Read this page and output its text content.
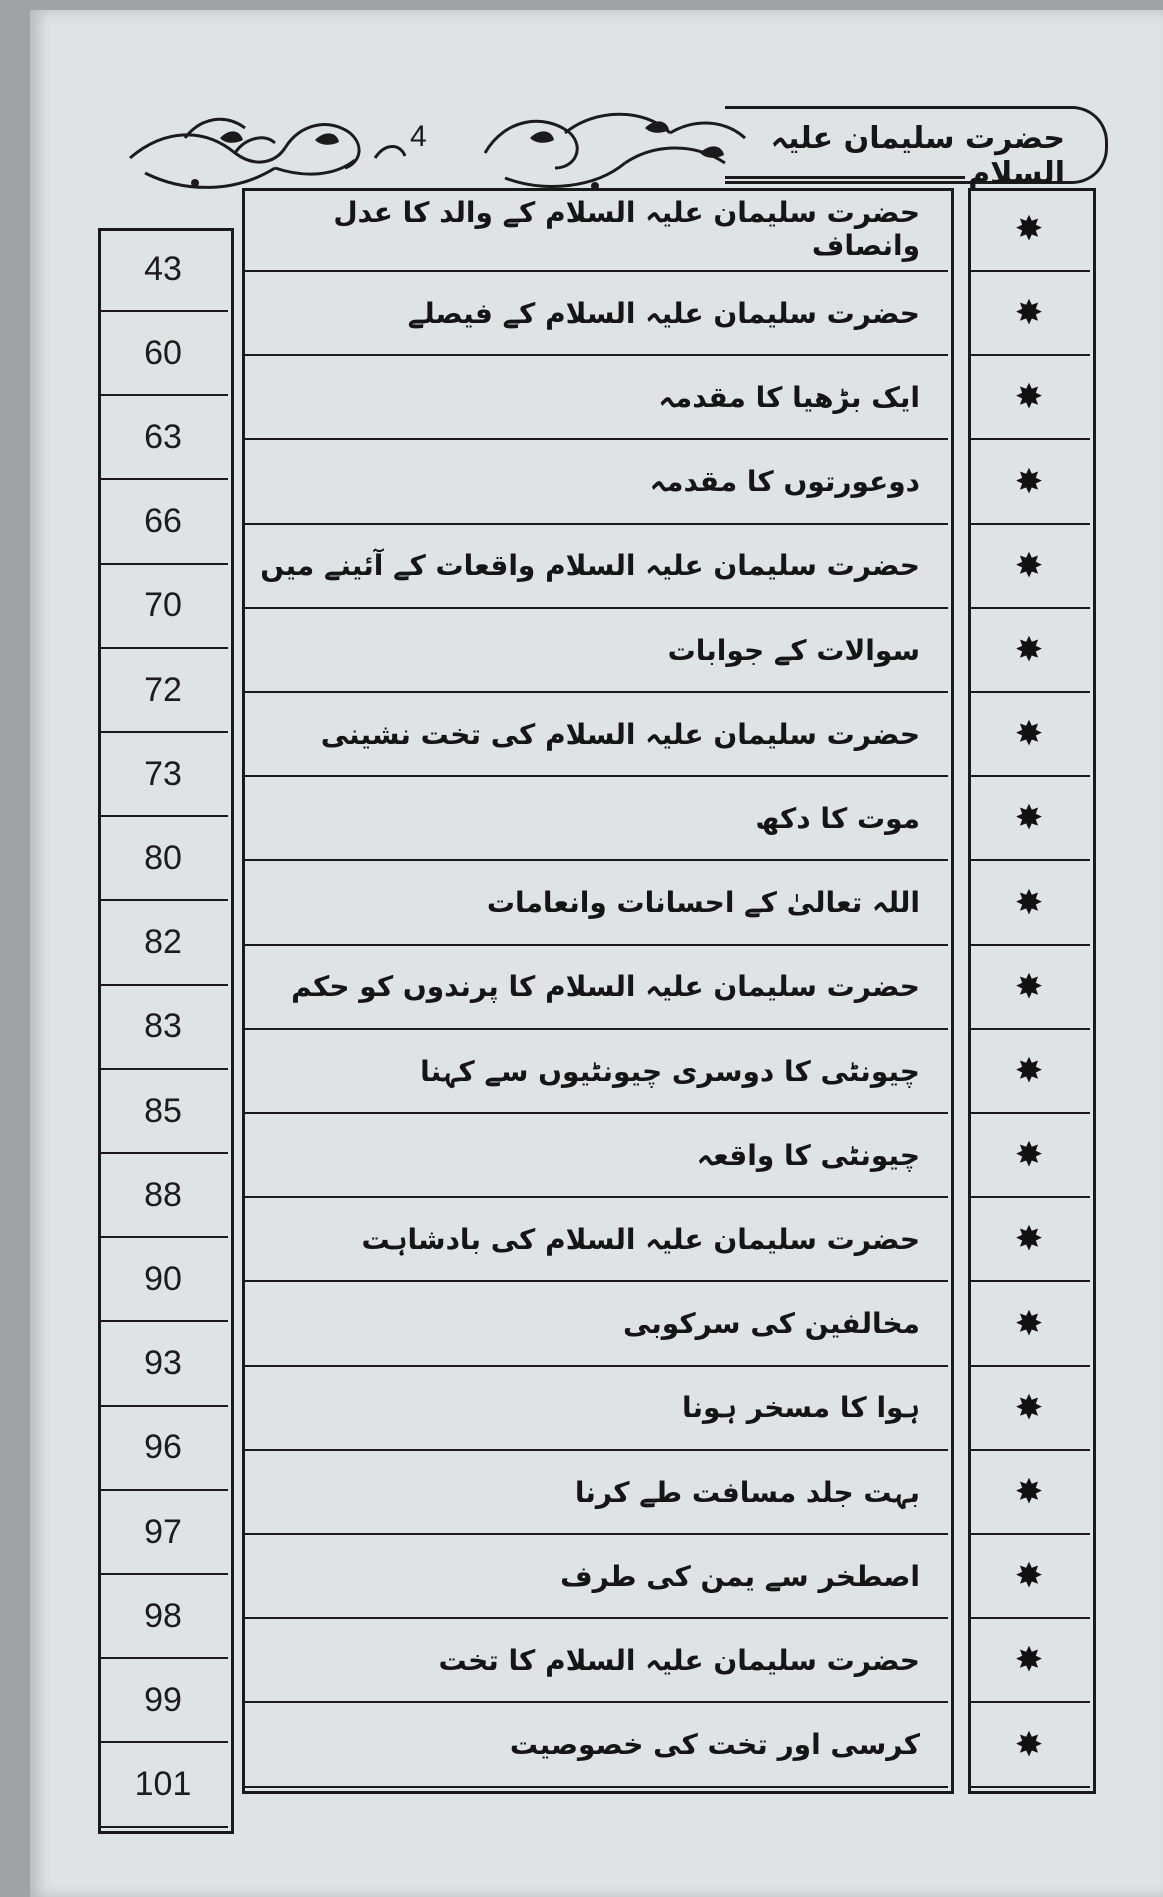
4	حضرت سلیمان علیہ السلام
✸
حضرت سلیمان علیہ السلام کے والد کا عدل وانصاف
43
✸
حضرت سلیمان علیہ السلام کے فیصلے
60
✸
ایک بڑھیا کا مقدمہ
63
✸
دوعورتوں کا مقدمہ
66
✸
حضرت سلیمان علیہ السلام واقعات کے آئینے میں
70
✸
سوالات کے جوابات
72
✸
حضرت سلیمان علیہ السلام کی تخت نشینی
73
✸
موت کا دکھ
80
✸
اللہ تعالیٰ کے احسانات وانعامات
82
✸
حضرت سلیمان علیہ السلام کا پرندوں کو حکم
83
✸
چیونٹی کا دوسری چیونٹیوں سے کہنا
85
✸
چیونٹی کا واقعہ
88
✸
حضرت سلیمان علیہ السلام کی بادشاہت
90
✸
مخالفین کی سرکوبی
93
✸
ہوا کا مسخر ہونا
96
✸
بہت جلد مسافت طے کرنا
97
✸
اصطخر سے یمن کی طرف
98
✸
حضرت سلیمان علیہ السلام کا تخت
99
✸
کرسی اور تخت کی خصوصیت
101
